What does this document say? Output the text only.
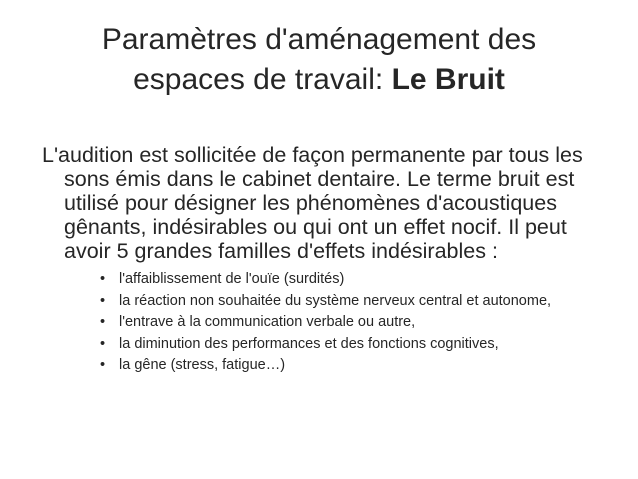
Paramètres d'aménagement des
espaces de travail: Le Bruit

L'audition est sollicitée de façon permanente par tous les sons émis dans le cabinet dentaire. Le terme bruit est utilisé pour désigner les phénomènes d'acoustiques gênants, indésirables ou qui ont un effet nocif. Il peut avoir 5 grandes familles d'effets indésirables :

• l'affaiblissement de l'ouïe (surdités)
• la réaction non souhaitée du système nerveux central et autonome,
• l'entrave à la communication verbale ou autre,
• la diminution des performances et des fonctions cognitives,
• la gêne (stress, fatigue…)
